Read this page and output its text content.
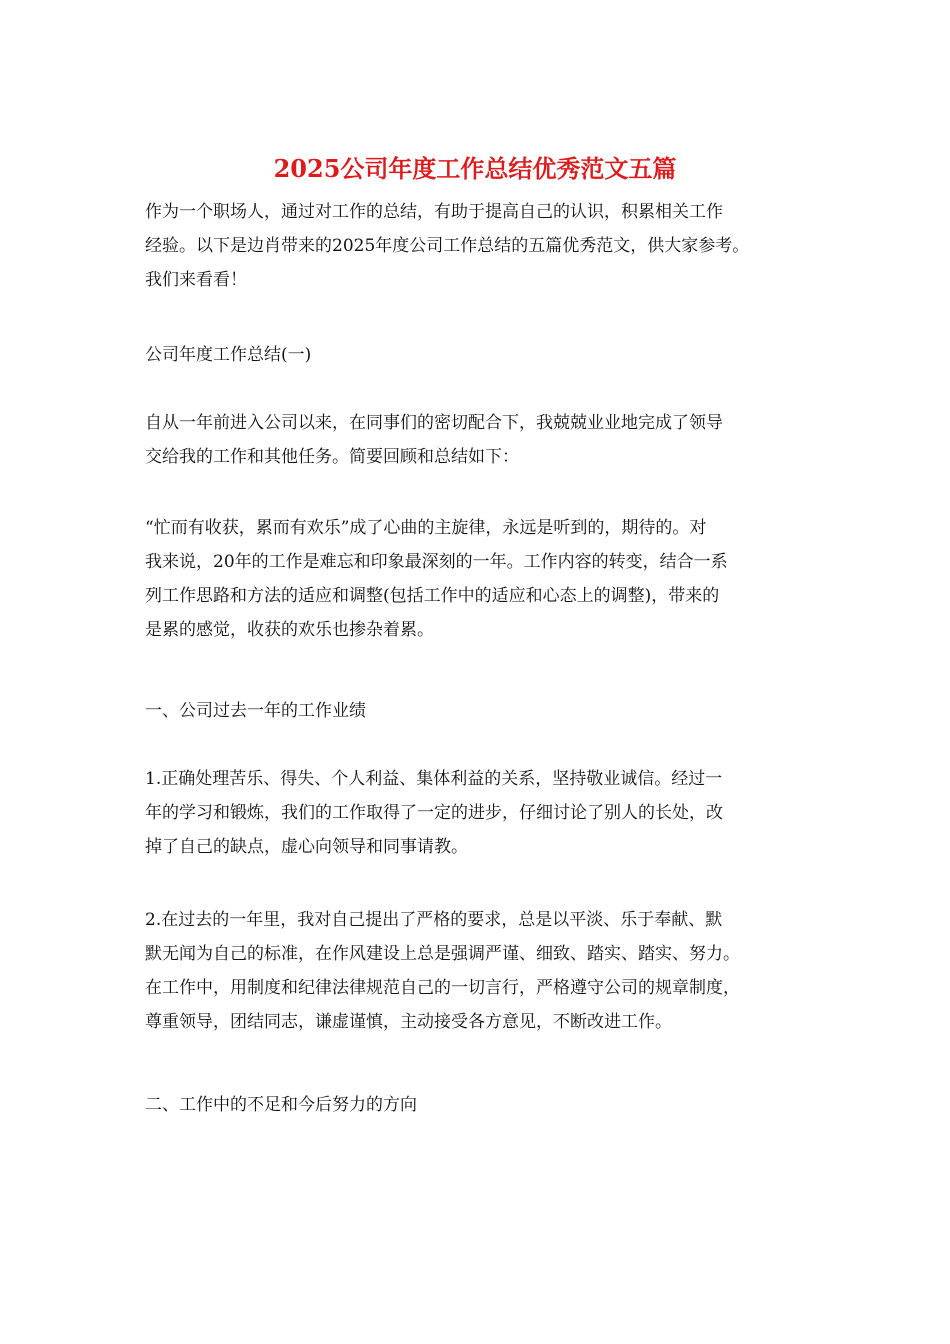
2025公司年度工作总结优秀范文五篇
作为一个职场人，通过对工作的总结，有助于提高自己的认识，积累相关工作
经验。以下是边肖带来的2025年度公司工作总结的五篇优秀范文，供大家参考。
我们来看看！
公司年度工作总结(一)
自从一年前进入公司以来，在同事们的密切配合下，我兢兢业业地完成了领导
交给我的工作和其他任务。简要回顾和总结如下：
“忙而有收获，累而有欢乐”成了心曲的主旋律，永远是听到的，期待的。对
我来说，20年的工作是难忘和印象最深刻的一年。工作内容的转变，结合一系
列工作思路和方法的适应和调整(包括工作中的适应和心态上的调整)，带来的
是累的感觉，收获的欢乐也掺杂着累。
一、公司过去一年的工作业绩
1.正确处理苦乐、得失、个人利益、集体利益的关系，坚持敬业诚信。经过一
年的学习和锻炼，我们的工作取得了一定的进步，仔细讨论了别人的长处，改
掉了自己的缺点，虚心向领导和同事请教。
2.在过去的一年里，我对自己提出了严格的要求，总是以平淡、乐于奉献、默
默无闻为自己的标准，在作风建设上总是强调严谨、细致、踏实、踏实、努力。
在工作中，用制度和纪律法律规范自己的一切言行，严格遵守公司的规章制度，
尊重领导，团结同志，谦虚谨慎，主动接受各方意见，不断改进工作。
二、工作中的不足和今后努力的方向
